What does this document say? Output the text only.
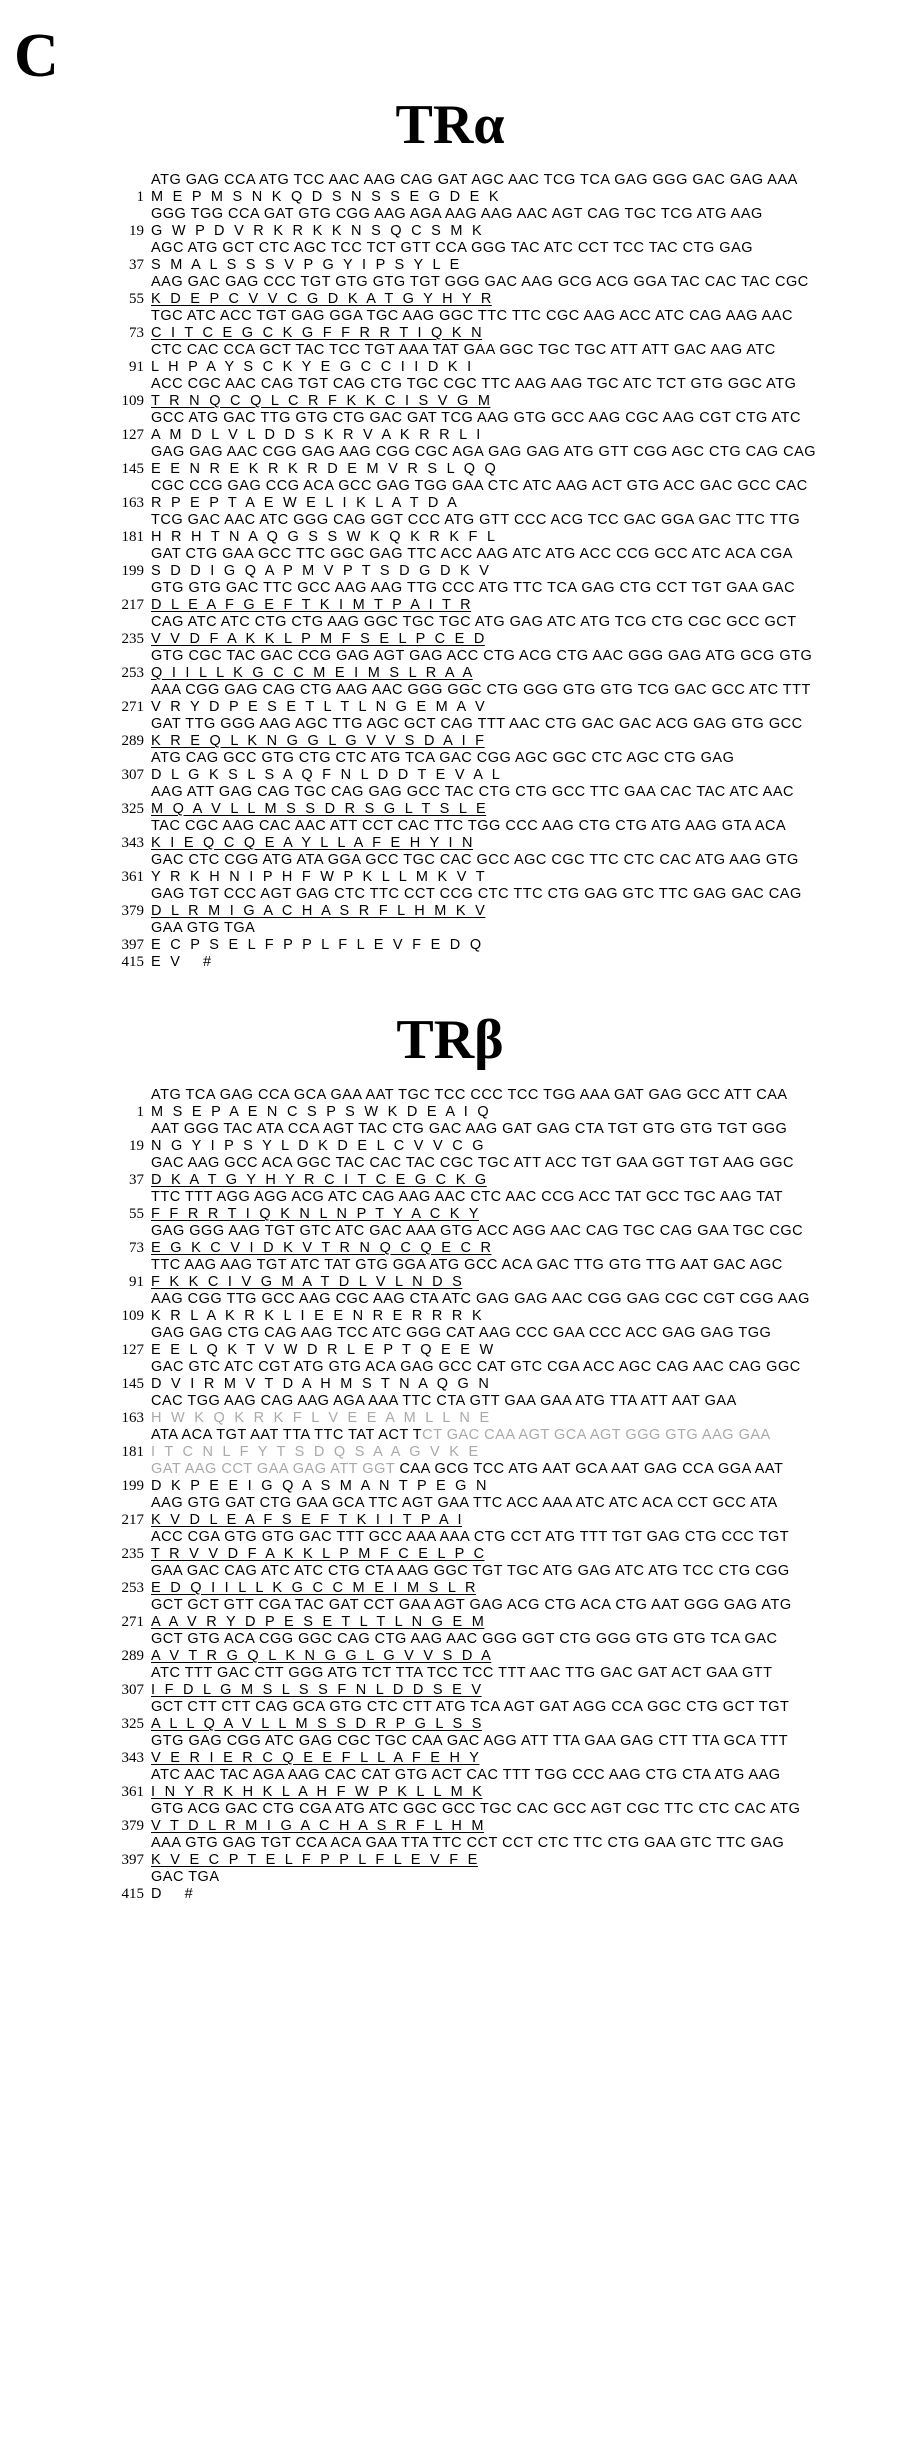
C
TRα
ATG GAG CCA ATG TCC AAC AAG CAG GAT AGC AAC TCG TCA GAG GGG GAC GAG AAA
1 M  E  P  M  S  N  K  Q  D  S  N  S  S  E  G  D  E  K
GGG TGG CCA GAT GTG CGG AAG AGA AAG AAG AAC AGT CAG TGC TCG ATG AAG
19 G  W  P  D  V  R  K  R  K  K  N  S  Q  C  S  M  K
AGC ATG GCT CTC AGC TCC TCT GTT CCA GGG TAC ATC CCT TCC TAC CTG GAG
37 S  M  A  L  S  S  S  V  P  G  Y  I  P  S  Y  L  E
AAG GAC GAG CCC TGT GTG GTG TGT GGG GAC AAG GCG ACG GGA TAC CAC TAC CGC
55 K  D  E  P  C  V  V  C  G  D  K  A  T  G  Y  H  Y  R
TGC ATC ACC TGT GAG GGA TGC AAG GGC TTC TTC CGC AAG ACC ATC CAG AAG AAC
73 C  I  T  C  E  G  C  K  G  F  F  R  R  T  I  Q  K  N
CTC CAC CCA GCT TAC TCC TGT AAA TAT GAA GGC TGC TGC ATT ATT GAC AAG ATC
91 L  H  P  A  Y  S  C  K  Y  E  G  C  C  I  I  D  K  I
ACC CGC AAC CAG TGT CAG CTG TGC CGC TTC AAG AAG TGC ATC TCT GTG GGC ATG
109 T  R  N  Q  C  Q  L  C  R  F  K  K  C  I  S  V  G  M
GCC ATG GAC TTG GTG CTG GAC GAT TCG AAG GTG GCC AAG CGC AAG CGT CTG ATC
127 A  M  D  L  V  L  D  D  S  K  R  V  A  K  R  R  L  I
GAG GAG AAC CGG GAG AAG CGG CGC AGA GAG GAG ATG GTT CGG AGC CTG CAG CAG
145 E  E  N  R  E  K  R  K  R  D  E  M  V  R  S  L  Q  Q
CGC CCG GAG CCG ACA GCC GAG TGG GAA CTC ATC AAG ACT GTG ACC GAC GCC CAC
163 R  P  E  P  T  A  E  W  E  L  I  K  L  A  T  D  A
TCG GAC AAC ATC GGG CAG GGT CCC ATG GTT CCC ACG TCC GAC GGA GAC TTC TTG
181 H  R  H  T  N  A  Q  G  S  S  W  K  Q  K  R  K  F  L
GAT CTG GAA GCC TTC GGC GAG TTC ACC AAG ATC ATG ACC CCG GCC ATC ACA CGA
199 S  D  D  I  G  Q  A  P  M  V  P  T  S  D  G  D  K  V
GTG GTG GAC TTC GCC AAG AAG TTG CCC ATG TTC TCA GAG CTG CCT TGT GAA GAC
217 D  L  E  A  F  G  E  F  T  K  I  M  T  P  A  I  T  R
CAG ATC ATC CTG CTG AAG GGC TGC TGC ATG GAG ATC ATG TCG CTG CGC GCC GCT
235 V  V  D  F  A  K  K  L  P  M  F  S  E  L  P  C  E  D
GTG CGC TAC GAC CCG GAG AGT GAG ACC CTG ACG CTG AAC GGG GAG ATG GCG GTG
253 Q  I  I  L  L  K  G  C  C  M  E  I  M  S  L  R  A  A
AAA CGG GAG CAG CTG AAG AAC GGG GGC CTG GGG GTG GTG TCG GAC GCC ATC TTT
271 V  R  Y  D  P  E  S  E  T  L  T  L  N  G  E  M  A  V
GAT TTG GGG AAG AGC TTG AGC GCT CAG TTT AAC CTG GAC GAC ACG GAG GTG GCC
289 K  R  E  Q  L  K  N  G  G  L  G  V  V  S  D  A  I  F
ATG CAG GCC GTG CTG CTC ATG TCA GAC CGG AGC GGC CTC AGC CTG GAG
307 D  L  G  K  S  L  S  A  Q  F  N  L  D  D  T  E  V  A  L
AAG ATT GAG CAG TGC CAG GAG GCC TAC CTG CTG GCC TTC GAA CAC TAC ATC AAC
325 M  Q  A  V  L  L  M  S  S  D  R  S  G  L  T  S  L  E
TAC CGC AAG CAC AAC ATT CCT CAC TTC TGG CCC AAG CTG CTG ATG AAG GTA ACA
343 K  I  E  Q  C  Q  E  A  Y  L  L  A  F  E  H  Y  I  N
GAC CTC CGG ATG ATA GGA GCC TGC CAC GCC AGC CGC TTC CTC CAC ATG AAG GTG
361 Y  R  K  H  N  I  P  H  F  W  P  K  L  L  M  K  V  T
GAG TGT CCC AGT GAG CTC TTC CCT CCG CTC TTC CTG GAG GTC TTC GAG GAC CAG
379 D  L  R  M  I  G  A  C  H  A  S  R  F  L  H  M  K  V
GAA GTG TGA
397 E  C  P  S  E  L  F  P  P  L  F  L  E  V  F  E  D  Q
415 E  V     #
TRβ
ATG TCA GAG CCA GCA GAA AAT TGC TCC CCC TCC TGG AAA GAT GAG GCC ATT CAA
1 M  S  E  P  A  E  N  C  S  P  S  W  K  D  E  A  I  Q
AAT GGG TAC ATA CCA AGT TAC CTG GAC AAG GAT GAG CTA TGT GTG GTG TGT GGG
19 N  G  Y  I  P  S  Y  L  D  K  D  E  L  C  V  V  C  G
GAC AAG GCC ACA GGC TAC CAC TAC CGC TGC ATT ACC TGT GAA GGT TGT AAG GGC
37 D  K  A  T  G  Y  H  Y  R  C  I  T  C  E  G  C  K  G
TTC TTT AGG AGG ACG ATC CAG AAG AAC CTC AAC CCG ACC TAT GCC TGC AAG TAT
55 F  F  R  R  T  I  Q  K  N  L  N  P  T  Y  A  C  K  Y
GAG GGG AAG TGT GTC ATC GAC AAA GTG ACC AGG AAC CAG TGC CAG GAA TGC CGC
73 E  G  K  C  V  I  D  K  V  T  R  N  Q  C  Q  E  C  R
TTC AAG AAG TGT ATC TAT GTG GGA ATG GCC ACA GAC TTG GTG TTG AAT GAC AGC
91 F  K  K  C  I  V  G  M  A  T  D  L  V  L  N  D  S
AAG CGG TTG GCC AAG CGC AAG CTA ATC GAG GAG AAC CGG GAG CGC CGT CGG AAG
109 K  R  L  A  K  R  K  L  I  E  E  N  R  E  R  R  R  K
GAG GAG CTG CAG AAG TCC ATC GGG CAT AAG CCC GAA CCC ACC GAG GAG TGG
127 E  E  L  Q  K  T  V  W  D  R  L  E  P  T  Q  E  E  W
GAC GTC ATC CGT ATG GTG ACA GAG GCC CAT GTC CGA ACC AGC CAG AAC CAG GGC
145 D  V  I  R  M  V  T  D  A  H  M  S  T  N  A  Q  G  N
CAC TGG AAG CAG AAG AGA AAA TTC CTA GTT GAA GAA ATG TTA ATT AAT GAA
163 H  W  K  Q  K  R  K  F  L  V  E  E  A  M  L  L  N  E
ATA ACA TGT AAT TTA TTC TAT ACT TCT GAC CAA AGT GCA AGT GGG GTG AAG GAA
181 I  T  C  N  L  F  Y  T  S  D  Q  S  A  A  G  V  K  E
GAT AAG CCT GAA GAG ATT GGT CAA GCG TCC ATG AAT GCA AAT GAG CCA GGA AAT
199 D  K  P  E  E  I  G  Q  A  S  M  A  N  T  P  E  G  N
AAG GTG GAT CTG GAA GCA TTC AGT GAA TTC ACC AAA ATC ATC ACA CCT GCC ATA
217 K  V  D  L  E  A  F  S  E  F  T  K  I  I  T  P  A  I
ACC CGA GTG GTG GAC TTT GCC AAA AAA CTG CCT ATG TTT TGT GAG CTG CCC TGT
235 T  R  V  V  D  F  A  K  K  L  P  M  F  C  E  L  P  C
GAA GAC CAG ATC ATC CTG CTA AAG GGC TGT TGC ATG GAG ATC ATG TCC CTG CGG
253 E  D  Q  I  I  L  L  K  G  C  C  M  E  I  M  S  L  R
GCT GCT GTT CGA TAC GAT CCT GAA AGT GAG ACG CTG ACA CTG AAT GGG GAG ATG
271 A  A  V  R  Y  D  P  E  S  E  T  L  T  L  N  G  E  M
GCT GTG ACA CGG GGC CAG CTG AAG AAC GGG GGT CTG GGG GTG GTG TCA GAC
289 A  V  T  R  G  Q  L  K  N  G  G  L  G  V  V  S  D  A
ATC TTT GAC CTT GGG ATG TCT TTA TCC TCC TTT AAC TTG GAC GAT ACT GAA GTT
307 I  F  D  L  G  M  S  L  S  S  F  N  L  D  D  S  E  V
GCT CTT CTT CAG GCA GTG CTC CTT ATG TCA AGT GAT AGG CCA GGC CTG GCT TGT
325 A  L  L  Q  A  V  L  L  M  S  S  D  R  P  G  L  S  S
GTG GAG CGG ATC GAG CGC TGC CAA GAC AGG ATT TTA GAA GAG CTT TTA GCA TTT
343 V  E  R  I  E  R  C  Q  E  E  F  L  L  A  F  E  H  Y
ATC AAC TAC AGA AAG CAC CAT GTG ACT CAC TTT TGG CCC AAG CTG CTA ATG AAG
361 I  N  Y  R  K  H  K  L  A  H  F  W  P  K  L  L  M  K
GTG ACG GAC CTG CGA ATG ATC GGC GCC TGC CAC GCC AGT CGC TTC CTC CAC ATG
379 V  T  D  L  R  M  I  G  A  C  H  A  S  R  F  L  H  M
AAA GTG GAG TGT CCA ACA GAA TTA TTC CCT CCT CTC TTC CTG GAA GTC TTC GAG
397 K  V  E  C  P  T  E  L  F  P  P  L  F  L  E  V  F  E
GAC TGA
415 D     #
